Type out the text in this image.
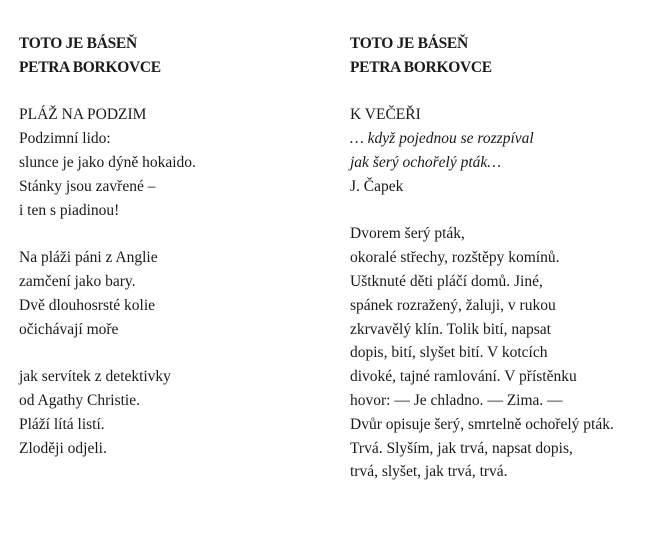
TOTO JE BÁSEŇ
PETRA BORKOVCE
PLÁŽ NA PODZIM
Podzimní lido:
slunce je jako dýně hokaido.
Stánky jsou zavřené –
i ten s piadinou!
Na pláži páni z Anglie
zamčení jako bary.
Dvě dlouhosrsté kolie
očichávají moře
jak servítek z detektivky
od Agathy Christie.
Pláží lítá listí.
Zloději odjeli.
TOTO JE BÁSEŇ
PETRA BORKOVCE
K VEČEŘI
… když pojednou se rozzpíval
jak šerý ochořelý pták…
J. Čapek
Dvorem šerý pták,
okoralé střechy, rozštěpy komínů.
Uštknuté děti pláčí domů. Jiné,
spánek rozražený, žaluji, v rukou
zkrvavělý klín. Tolik bití, napsat
dopis, bití, slyšet bití. V kotcích
divoké, tajné ramlování. V přístěnku
hovor: — Je chladno. — Zima. —
Dvůr opisuje šerý, smrtelně ochořelý pták.
Trvá. Slyším, jak trvá, napsat dopis,
trvá, slyšet, jak trvá, trvá.
